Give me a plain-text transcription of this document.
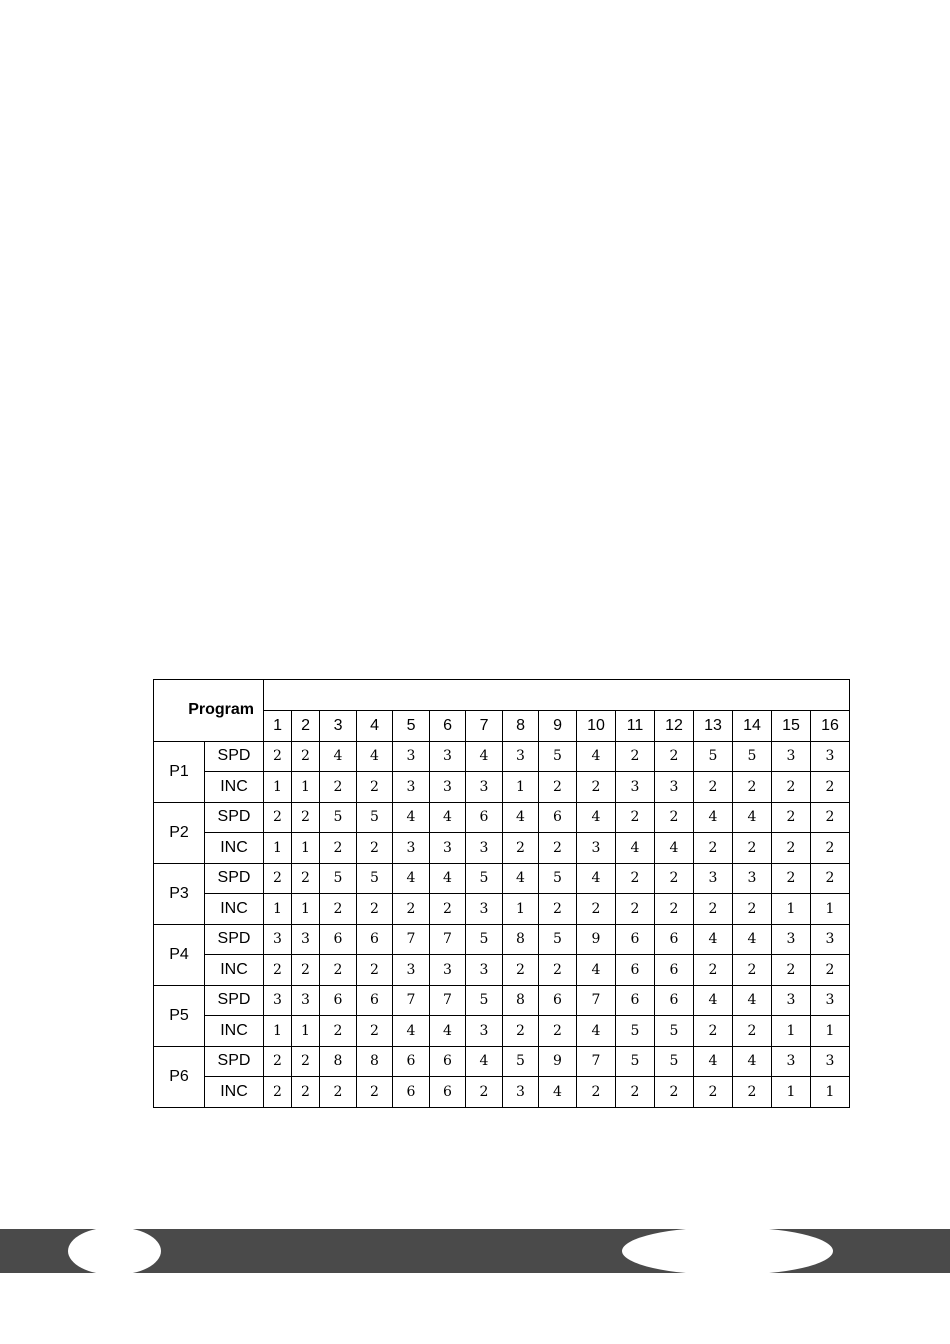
Program																	
		1	2	3	4	5	6	7	8	9	10	11	12	13	14	15	16
P1	SPD	2	2	4	4	3	3	4	3	5	4	2	2	5	5	3	3
	INC	1	1	2	2	3	3	3	1	2	2	3	3	2	2	2	2
P2	SPD	2	2	5	5	4	4	6	4	6	4	2	2	4	4	2	2
	INC	1	1	2	2	3	3	3	2	2	3	4	4	2	2	2	2
P3	SPD	2	2	5	5	4	4	5	4	5	4	2	2	3	3	2	2
	INC	1	1	2	2	2	2	3	1	2	2	2	2	2	2	1	1
P4	SPD	3	3	6	6	7	7	5	8	5	9	6	6	4	4	3	3
	INC	2	2	2	2	3	3	3	2	2	4	6	6	2	2	2	2
P5	SPD	3	3	6	6	7	7	5	8	6	7	6	6	4	4	3	3
	INC	1	1	2	2	4	4	3	2	2	4	5	5	2	2	1	1
P6	SPD	2	2	8	8	6	6	4	5	9	7	5	5	4	4	3	3
	INC	2	2	2	2	6	6	2	3	4	2	2	2	2	2	1	1
